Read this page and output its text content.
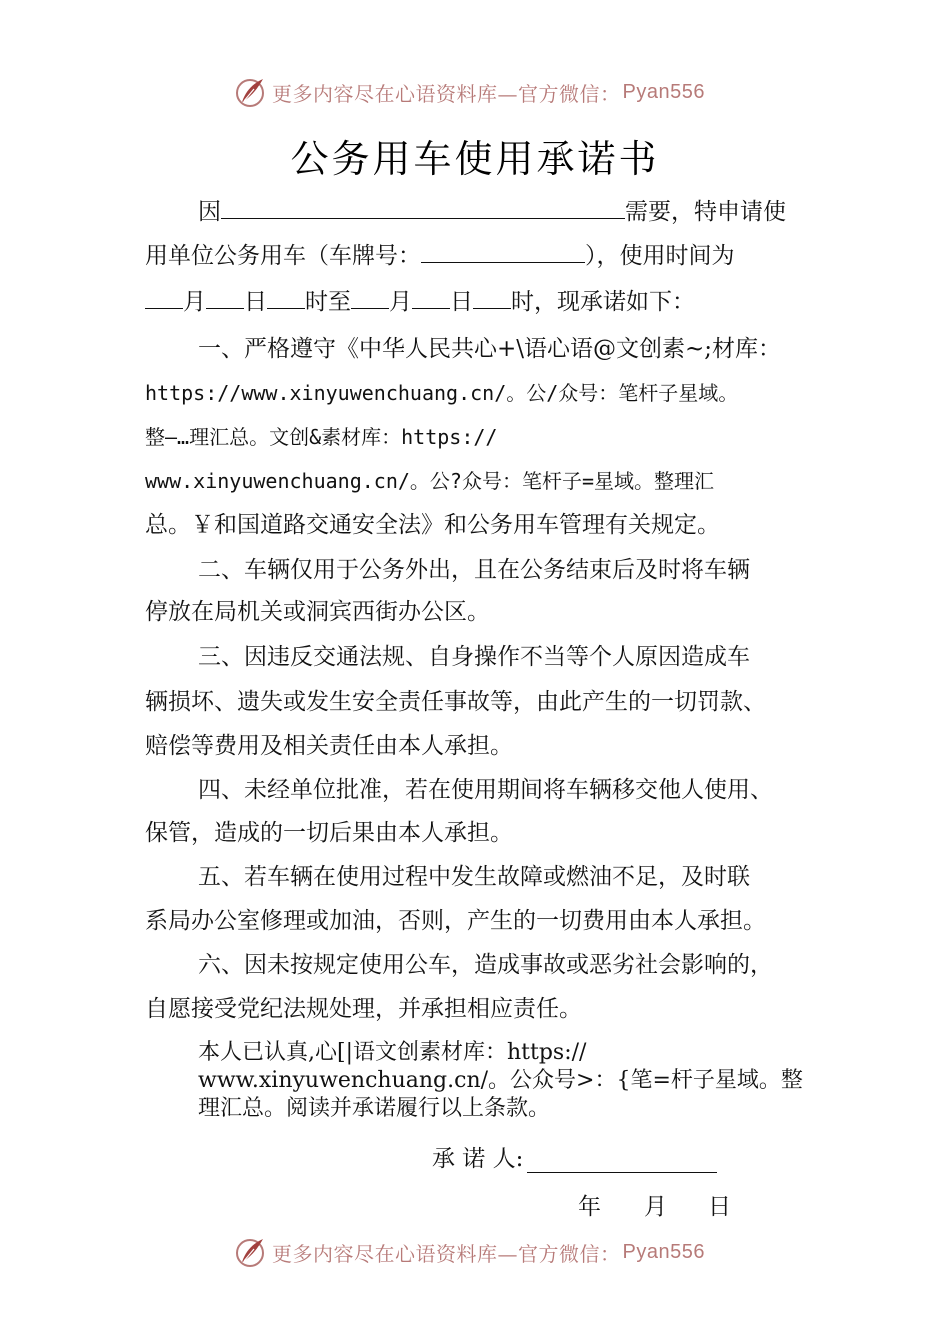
更多内容尽在心语资料库—官方微信： Pyan556
公务用车使用承诺书
因	需要，特申请使
用单位公务用车（车牌号：	），使用时间为
月 日 时至 月 日 时，现承诺如下：
一、严格遵守《中华人民共心+\语心语@文创素~;材库：
https://www.xinyuwenchuang.cn/。公/众号：笔杆子星域。
整—…理汇总。文创&素材库：https://
www.xinyuwenchuang.cn/。公?众号：笔杆子=星域。整理汇
总。￥和国道路交通安全法》和公务用车管理有关规定。
二、车辆仅用于公务外出，且在公务结束后及时将车辆
停放在局机关或洞宾西街办公区。
三、因违反交通法规、自身操作不当等个人原因造成车
辆损坏、遗失或发生安全责任事故等，由此产生的一切罚款、
赔偿等费用及相关责任由本人承担。
四、未经单位批准，若在使用期间将车辆移交他人使用、
保管，造成的一切后果由本人承担。
五、若车辆在使用过程中发生故障或燃油不足，及时联
系局办公室修理或加油，否则，产生的一切费用由本人承担。
六、因未按规定使用公车，造成事故或恶劣社会影响的，
自愿接受党纪法规处理，并承担相应责任。
本人已认真,心[|语文创素材库：https://
www.xinyuwenchuang.cn/。公众号>：{笔=杆子星域。整
理汇总。阅读并承诺履行以上条款。
承 诺 人:
年 月 日
更多内容尽在心语资料库—官方微信： Pyan556
